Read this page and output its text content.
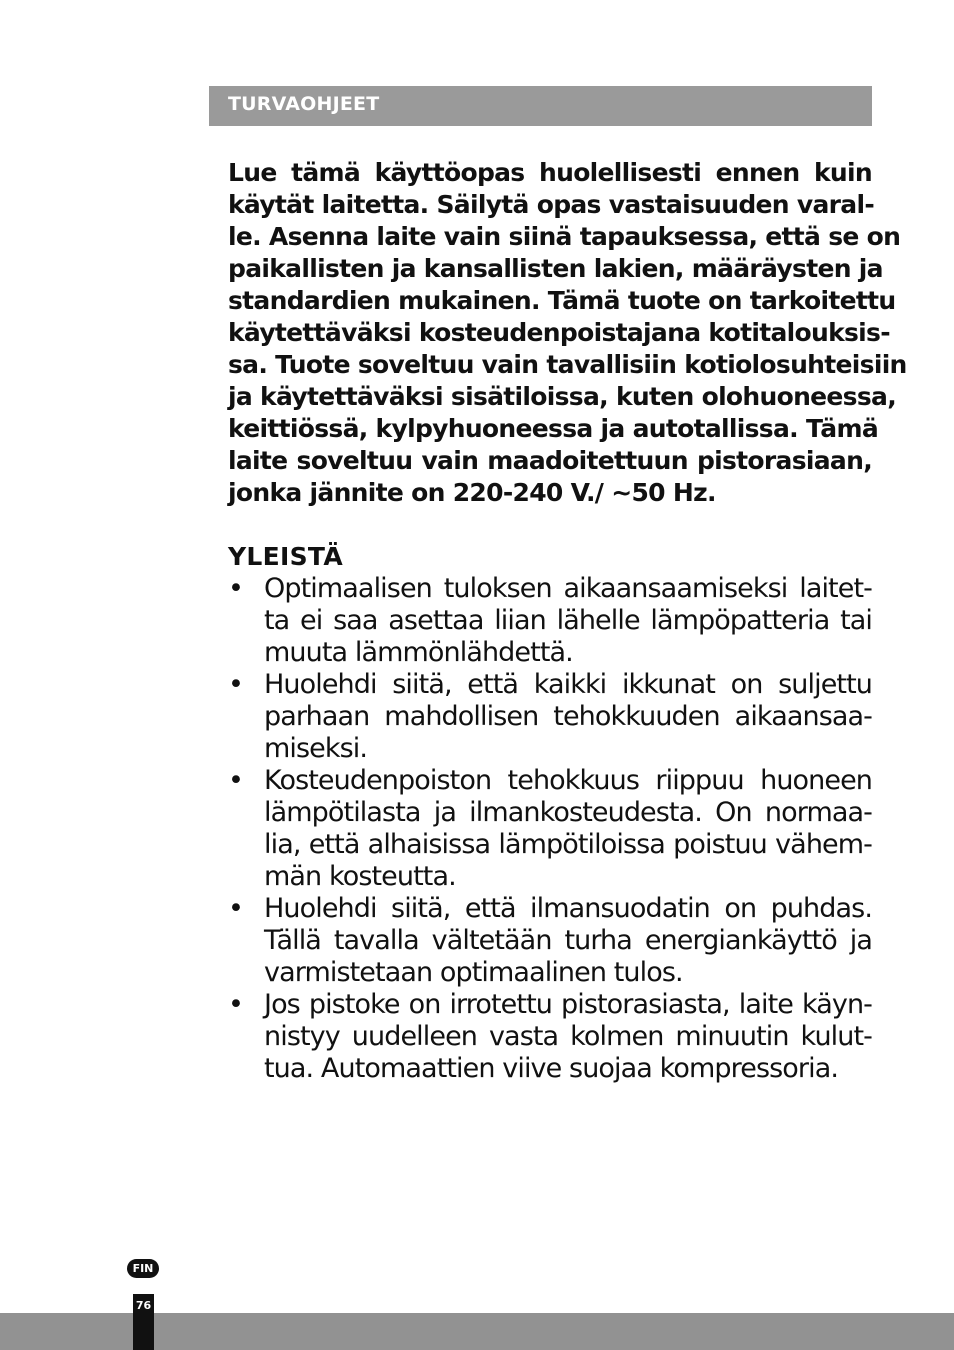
TURVAOHJEET
Lue tämä käyttöopas huolellisesti ennen kuin
käytät laitetta. Säilytä opas vastaisuuden varal-
le. Asenna laite vain siinä tapauksessa, että se on
paikallisten ja kansallisten lakien, määräysten ja
standardien mukainen. Tämä tuote on tarkoitettu
käytettäväksi kosteudenpoistajana kotitalouksis-
sa. Tuote soveltuu vain tavallisiin kotiolosuhteisiin
ja käytettäväksi sisätiloissa, kuten olohuoneessa,
keittiössä, kylpyhuoneessa ja autotallissa. Tämä
laite soveltuu vain maadoitettuun pistorasiaan,
jonka jännite on 220-240 V./ ~50 Hz.
YLEISTÄ
• Optimaalisen tuloksen aikaansaamiseksi laitet-
ta ei saa asettaa liian lähelle lämpöpatteria tai
muuta lämmönlähdettä.
• Huolehdi siitä, että kaikki ikkunat on suljettu
parhaan mahdollisen tehokkuuden aikaansaa-
miseksi.
• Kosteudenpoiston tehokkuus riippuu huoneen
lämpötilasta ja ilmankosteudesta. On normaa-
lia, että alhaisissa lämpötiloissa poistuu vähem-
män kosteutta.
• Huolehdi siitä, että ilmansuodatin on puhdas.
Tällä tavalla vältetään turha energiankäyttö ja
varmistetaan optimaalinen tulos.
• Jos pistoke on irrotettu pistorasiasta, laite käyn-
nistyy uudelleen vasta kolmen minuutin kulut-
tua. Automaattien viive suojaa kompressoria.
FIN
76
